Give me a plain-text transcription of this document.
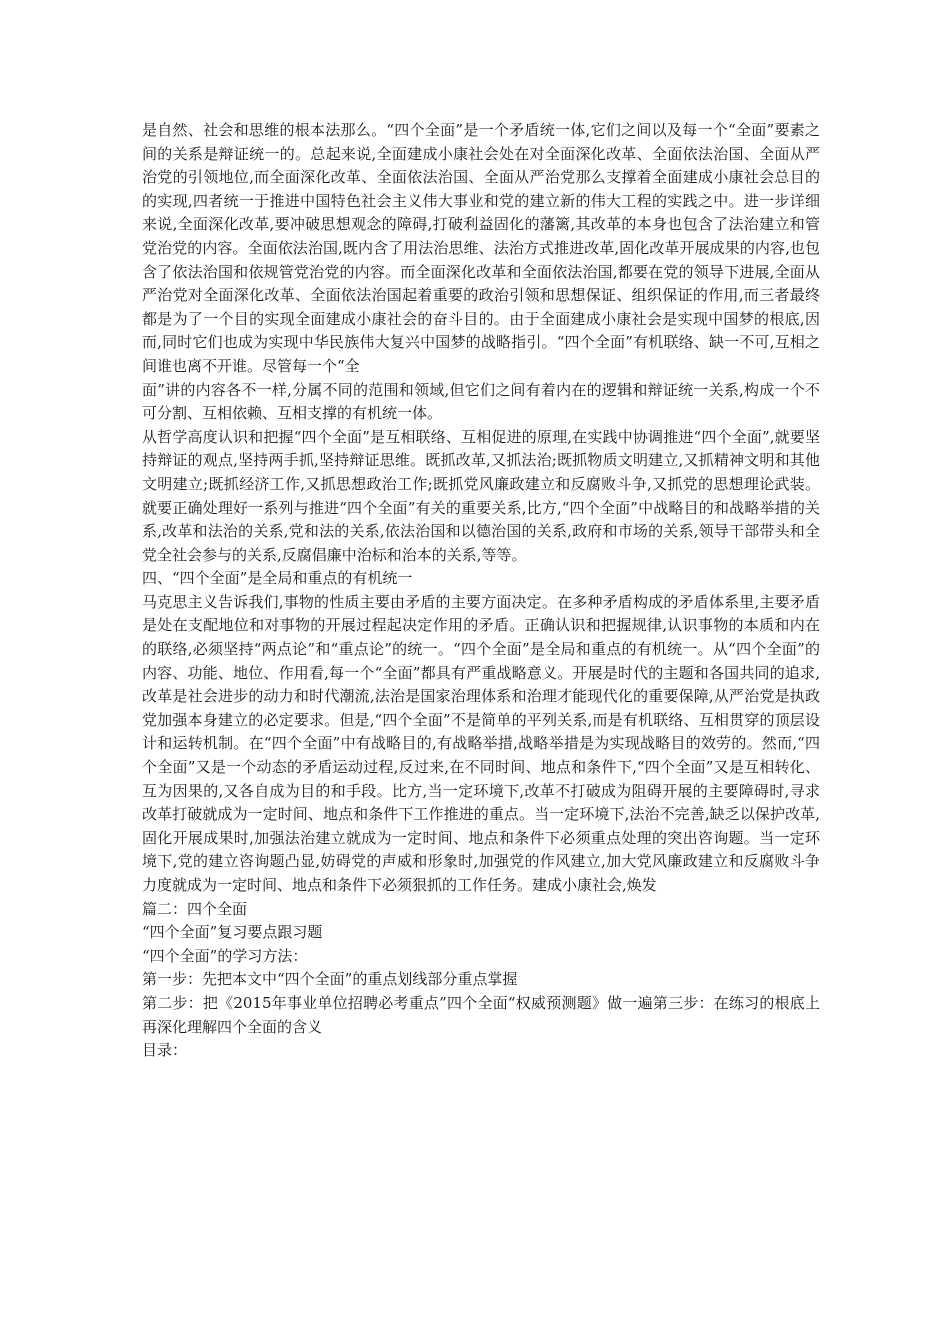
是自然、社会和思维的根本法那么。“四个全面”是一个矛盾统一体,它们之间以及每一个“全面”要素之间的关系是辩证统一的。总起来说,全面建成小康社会处在对全面深化改革、全面依法治国、全面从严治党的引领地位,而全面深化改革、全面依法治国、全面从严治党那么支撑着全面建成小康社会总目的的实现,四者统一于推进中国特色社会主义伟大事业和党的建立新的伟大工程的实践之中。进一步详细来说,全面深化改革,要冲破思想观念的障碍,打破利益固化的藩篱,其改革的本身也包含了法治建立和管党治党的内容。全面依法治国,既内含了用法治思维、法治方式推进改革,固化改革开展成果的内容,也包含了依法治国和依规管党治党的内容。而全面深化改革和全面依法治国,都要在党的领导下进展,全面从严治党对全面深化改革、全面依法治国起着重要的政治引领和思想保证、组织保证的作用,而三者最终都是为了一个目的实现全面建成小康社会的奋斗目的。由于全面建成小康社会是实现中国梦的根底,因而,同时它们也成为实现中华民族伟大复兴中国梦的战略指引。“四个全面”有机联络、缺一不可,互相之间谁也离不开谁。尽管每一个“全

面”讲的内容各不一样,分属不同的范围和领域,但它们之间有着内在的逻辑和辩证统一关系,构成一个不可分割、互相依赖、互相支撑的有机统一体。

从哲学高度认识和把握“四个全面”是互相联络、互相促进的原理,在实践中协调推进“四个全面”,就要坚持辩证的观点,坚持两手抓,坚持辩证思维。既抓改革,又抓法治;既抓物质文明建立,又抓精神文明和其他文明建立;既抓经济工作,又抓思想政治工作;既抓党风廉政建立和反腐败斗争,又抓党的思想理论武装。就要正确处理好一系列与推进“四个全面”有关的重要关系,比方,“四个全面”中战略目的和战略举措的关系,改革和法治的关系,党和法的关系,依法治国和以德治国的关系,政府和市场的关系,领导干部带头和全党全社会参与的关系,反腐倡廉中治标和治本的关系,等等。

四、“四个全面”是全局和重点的有机统一

马克思主义告诉我们,事物的性质主要由矛盾的主要方面决定。在多种矛盾构成的矛盾体系里,主要矛盾是处在支配地位和对事物的开展过程起决定作用的矛盾。正确认识和把握规律,认识事物的本质和内在的联络,必须坚持“两点论”和“重点论”的统一。“四个全面”是全局和重点的有机统一。从“四个全面”的内容、功能、地位、作用看,每一个“全面”都具有严重战略意义。开展是时代的主题和各国共同的追求,改革是社会进步的动力和时代潮流,法治是国家治理体系和治理才能现代化的重要保障,从严治党是执政党加强本身建立的必定要求。但是,“四个全面”不是简单的平列关系,而是有机联络、互相贯穿的顶层设计和运转机制。在“四个全面”中有战略目的,有战略举措,战略举措是为实现战略目的效劳的。然而,“四个全面”又是一个动态的矛盾运动过程,反过来,在不同时间、地点和条件下,“四个全面”又是互相转化、互为因果的,又各自成为目的和手段。比方,当一定环境下,改革不打破成为阻碍开展的主要障碍时,寻求改革打破就成为一定时间、地点和条件下工作推进的重点。当一定环境下,法治不完善,缺乏以保护改革,固化开展成果时,加强法治建立就成为一定时间、地点和条件下必须重点处理的突出咨询题。当一定环境下,党的建立咨询题凸显,妨碍党的声威和形象时,加强党的作风建立,加大党风廉政建立和反腐败斗争力度就成为一定时间、地点和条件下必须狠抓的工作任务。建成小康社会,焕发

篇二：四个全面

“四个全面”复习要点跟习题

“四个全面”的学习方法：

第一步：先把本文中“四个全面”的重点划线部分重点掌握

第二步：把《2015年事业单位招聘必考重点”四个全面“权威预测题》做一遍第三步：在练习的根底上再深化理解四个全面的含义

目录：
